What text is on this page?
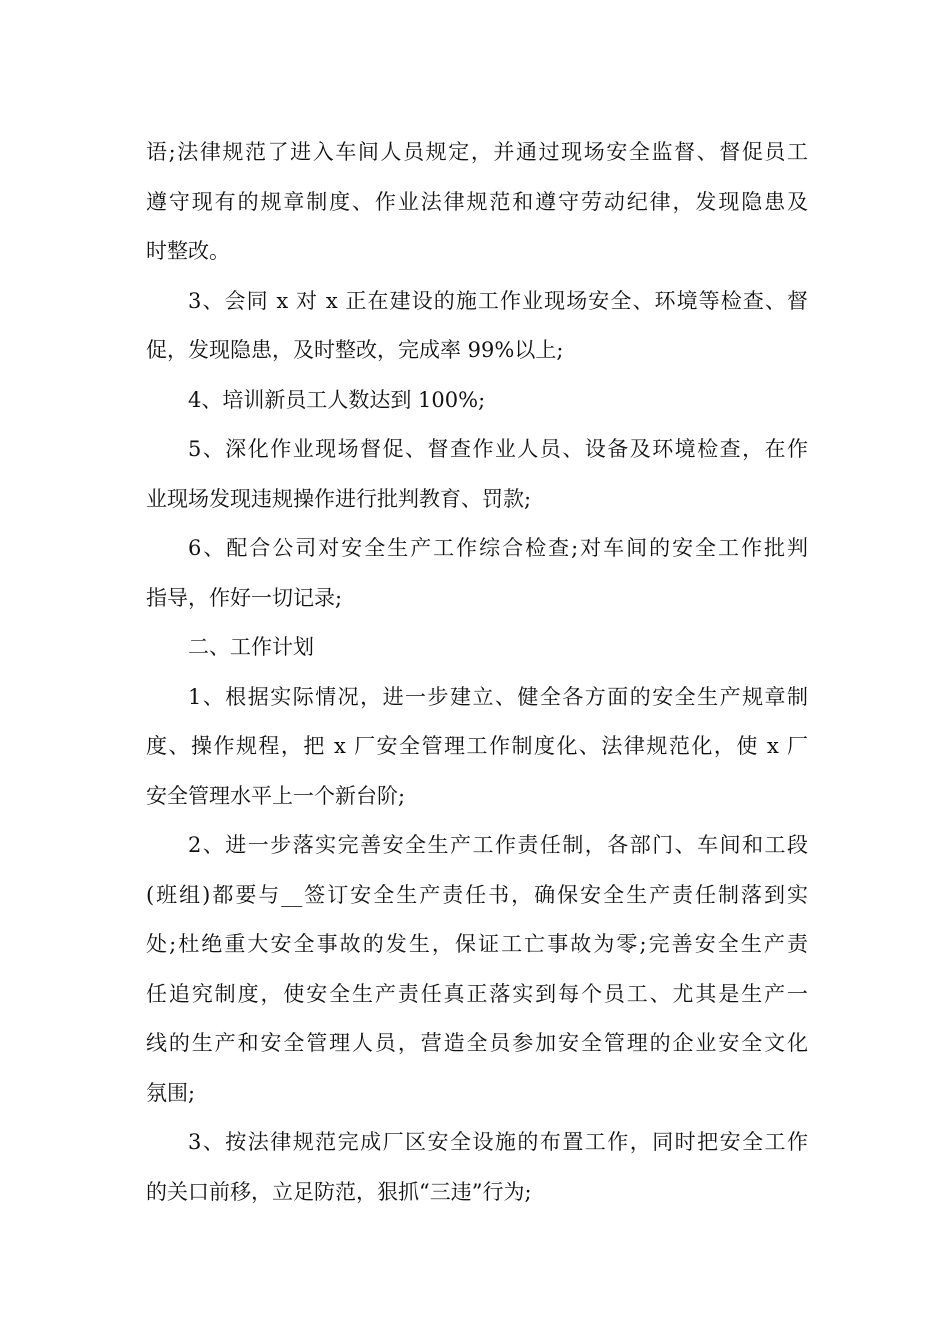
语;法律规范了进入车间人员规定，并通过现场安全监督、督促员工
遵守现有的规章制度、作业法律规范和遵守劳动纪律，发现隐患及
时整改。

3、会同 x 对 x 正在建设的施工作业现场安全、环境等检查、督
促，发现隐患，及时整改，完成率 99%以上;

4、培训新员工人数达到 100%;

5、深化作业现场督促、督查作业人员、设备及环境检查，在作
业现场发现违规操作进行批判教育、罚款;

6、配合公司对安全生产工作综合检查;对车间的安全工作批判
指导，作好一切记录;

二、工作计划

1、根据实际情况，进一步建立、健全各方面的安全生产规章制
度、操作规程，把 x 厂安全管理工作制度化、法律规范化，使 x 厂
安全管理水平上一个新台阶;

2、进一步落实完善安全生产工作责任制，各部门、车间和工段
(班组)都要与__签订安全生产责任书，确保安全生产责任制落到实
处;杜绝重大安全事故的发生，保证工亡事故为零;完善安全生产责
任追究制度，使安全生产责任真正落实到每个员工、尤其是生产一
线的生产和安全管理人员，营造全员参加安全管理的企业安全文化
氛围;

3、按法律规范完成厂区安全设施的布置工作，同时把安全工作
的关口前移，立足防范，狠抓“三违”行为;
